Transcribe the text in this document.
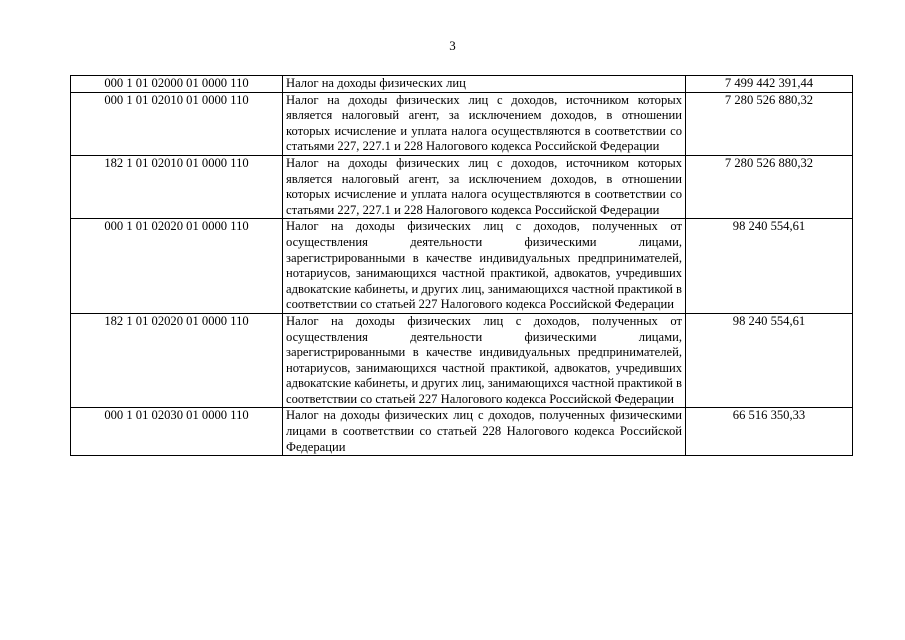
3
000 1 01 02000 01 0000 110	Налог на доходы физических лиц	7 499 442 391,44
000 1 01 02010 01 0000 110	Налог на доходы физических лиц с доходов, источником которых является налоговый агент, за исключением доходов, в отношении которых исчисление и уплата налога осуществляются в соответствии со статьями 227, 227.1 и 228 Налогового кодекса Российской Федерации	7 280 526 880,32
182 1 01 02010 01 0000 110	Налог на доходы физических лиц с доходов, источником которых является налоговый агент, за исключением доходов, в отношении которых исчисление и уплата налога осуществляются в соответствии со статьями 227, 227.1 и 228 Налогового кодекса Российской Федерации	7 280 526 880,32
000 1 01 02020 01 0000 110	Налог на доходы физических лиц с доходов, полученных от осуществления деятельности физическими лицами, зарегистрированными в качестве индивидуальных предпринимателей, нотариусов, занимающихся частной практикой, адвокатов, учредивших адвокатские кабинеты, и других лиц, занимающихся частной практикой в соответствии со статьей 227 Налогового кодекса Российской Федерации	98 240 554,61
182 1 01 02020 01 0000 110	Налог на доходы физических лиц с доходов, полученных от осуществления деятельности физическими лицами, зарегистрированными в качестве индивидуальных предпринимателей, нотариусов, занимающихся частной практикой, адвокатов, учредивших адвокатские кабинеты, и других лиц, занимающихся частной практикой в соответствии со статьей 227 Налогового кодекса Российской Федерации	98 240 554,61
000 1 01 02030 01 0000 110	Налог на доходы физических лиц с доходов, полученных физическими лицами в соответствии со статьей 228 Налогового кодекса Российской Федерации	66 516 350,33
